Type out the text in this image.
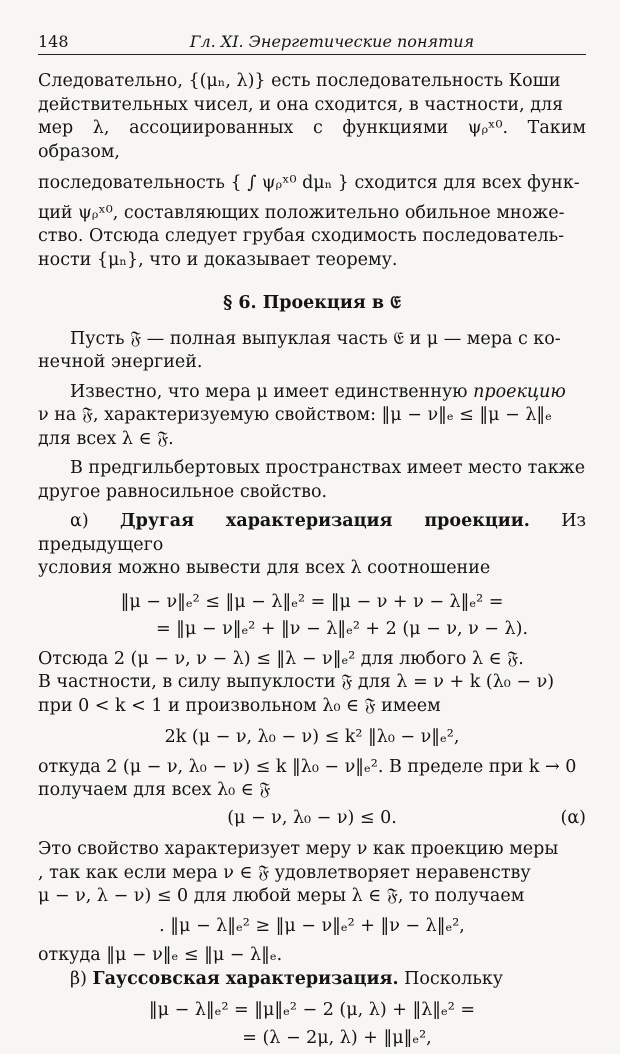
148	Гл. XI. Энергетические понятия
Следовательно, {(μₙ, λ)} есть последовательность Коши
действительных чисел, и она сходится, в частности, для
мер λ, ассоциированных с функциями ψᵨˣ⁰. Таким образом,
последовательность { ∫ ψᵨˣ⁰ dμₙ } сходится для всех функ-
ций ψᵨˣ⁰, составляющих положительно обильное множе-
ство. Отсюда следует грубая сходимость последователь-
ности {μₙ}, что и доказывает теорему.
§ 6. Проекция в 𝔈
Пусть 𝔉 — полная выпуклая часть 𝔈 и μ — мера с ко-
нечной энергией.
Известно, что мера μ имеет единственную проекцию
ν на 𝔉, характеризуемую свойством: ‖μ − ν‖ₑ ≤ ‖μ − λ‖ₑ
для всех λ ∈ 𝔉.
В предгильбертовых пространствах имеет место также
другое равносильное свойство.
α) Другая характеризация проекции. Из предыдущего
условия можно вывести для всех λ соотношение
‖μ − ν‖ₑ² ≤ ‖μ − λ‖ₑ² = ‖μ − ν + ν − λ‖ₑ² =
= ‖μ − ν‖ₑ² + ‖ν − λ‖ₑ² + 2 (μ − ν, ν − λ).
Отсюда 2 (μ − ν, ν − λ) ≤ ‖λ − ν‖ₑ² для любого λ ∈ 𝔉.
В частности, в силу выпуклости 𝔉 для λ = ν + k (λ₀ − ν)
при 0 < k < 1 и произвольном λ₀ ∈ 𝔉 имеем
2k (μ − ν, λ₀ − ν) ≤ k² ‖λ₀ − ν‖ₑ²,
откуда 2 (μ − ν, λ₀ − ν) ≤ k ‖λ₀ − ν‖ₑ². В пределе при k → 0
получаем для всех λ₀ ∈ 𝔉
(μ − ν, λ₀ − ν) ≤ 0.	(α)
Это свойство характеризует меру ν как проекцию меры
, так как если мера ν ∈ 𝔉 удовлетворяет неравенству
μ − ν, λ − ν) ≤ 0 для любой меры λ ∈ 𝔉, то получаем
. ‖μ − λ‖ₑ² ≥ ‖μ − ν‖ₑ² + ‖ν − λ‖ₑ²,
откуда ‖μ − ν‖ₑ ≤ ‖μ − λ‖ₑ.
β) Гауссовская характеризация. Поскольку
‖μ − λ‖ₑ² = ‖μ‖ₑ² − 2 (μ, λ) + ‖λ‖ₑ² =
= (λ − 2μ, λ) + ‖μ‖ₑ²,
